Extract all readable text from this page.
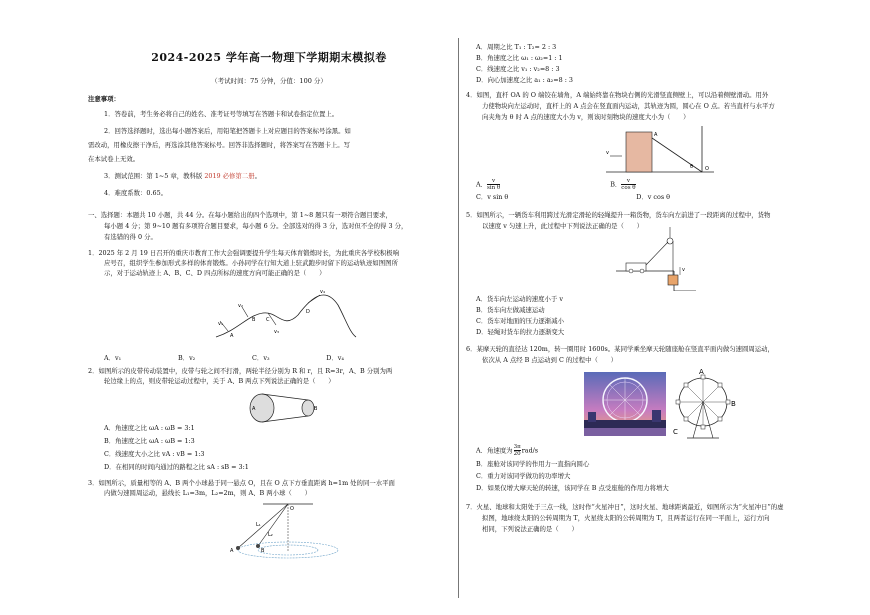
2024-2025 学年高一物理下学期期末模拟卷
（考试时间：75 分钟，分值：100 分）
注意事项：
1．答卷前，考生务必将自己的姓名、准考证号等填写在答题卡和试卷指定位置上。
2．回答选择题时，选出每小题答案后，用铅笔把答题卡上对应题目的答案标号涂黑。如
需改动，用橡皮擦干净后，再选涂其他答案标号。回答非选择题时，将答案写在答题卡上。写
在本试卷上无效。
3．测试范围：第 1~5 章，教科版 2019 必修第二册。
4．难度系数：0.65。
一、选择题：本题共 10 小题，共 44 分。在每小题给出的四个选项中，第 1~8 题只有一项符合题目要求，
每小题 4 分；第 9~10 题有多项符合题目要求，每小题 6 分。全部选对的得 3 分，选对但不全的得 3 分，
有选错的得 0 分。
1．2025 年 2 月 19 日召开的重庆市教育工作大会强调要提升学生每天体育锻炼时长，为此重庆各学校积极响
应号召，组织学生参加形式多样的体育锻炼。小孙同学在行知大道上驻武跑步时留下的运动轨迹如图图所
示，对于运动轨迹上 A、B、C、D 四点所标的速度方向可能正确的是（　　）
v₁
v₂
v₃
v₄
A
B C
D
A．v₁	B．v₂	C．v₃	D．v₄
2．如图所示的皮带传动装置中，皮带与轮之间不打滑，两轮半径分别为 R 和 r，且 R=3r，A、B 分别为两
轮边缘上的点，则皮带轮运动过程中，关于 A、B 两点下列说法正确的是（　　）
A	B
A．角速度之比 ωA : ωB = 3:1
B．角速度之比 ωA : ωB = 1:3
C．线速度大小之比 vA : vB = 1:3
D．在相同的时间内通过的路程之比 sA : sB = 3:1
3．如图所示，质量相等的 A、B 两个小球悬于同一悬点 O，且在 O 点下方垂直距离 h=1m 处的同一水平面
内做匀速圆周运动，悬线长 L₁=3m，L₂=2m，则 A、B 两小球（　　）
O
L₁
L₂
A	B
A．周期之比 T₁ : T₂= 2 : 3
B．角速度之比 ω₁ : ω₂=1 : 1
C．线速度之比 v₁ : v₂=8 : 3
D．向心加速度之比 a₁ : a₂=8 : 3
4．如图，直杆 OA 的 O 端铰在墙角，A 端始终靠在物块右侧的光滑竖直侧壁上，可以沿着侧壁滑动。用外
力使物块向左运动时，直杆上的 A 点会在竖直面内运动，其轨迹为圆，圆心在 O 点。若当直杆与水平方
向夹角为 θ 时 A 点的速度大小为 v，则该时刻物块的速度大小为（　　）
v
A
θ O
A． $\frac{v}{\text{sin θ}}$	B． $\frac{v}{\text{cos θ}}$
C．v sin θ	D．v cos θ
5．如图所示，一辆货车利用跨过光滑定滑轮的轻绳提升一箱货物，货车向左前进了一段距离的过程中，货物
以速度 v 匀速上升，此过程中下列说法正确的是（　　）
v
A．货车向左运动的速度小于 v
B．货车向左做减速运动
C．货车对地面的压力逐渐减小
D．轻绳对货车的拉力逐渐变大
6．某摩天轮的直径达 120m，转一圈用时 1600s。某同学乘坐摩天轮随座舱在竖直平面内做匀速圆周运动，
依次从 A 点经 B 点运动到 C 的过程中（　　）
A
B
C
A．角速度为 $\frac{3\pi}{20} rad/s$
B．座舱对该同学的作用力一直指向圆心
C．重力对该同学做功的功率增大
D．如果仅增大摩天轮的转速，该同学在 B 点受座舱的作用力将增大
7．火星、地球和太阳处于三点一线，这时作“火星冲日”，这时火星、地球距离最近，如图所示为“火星冲日”的虚
拟图，地球绕太阳的公转周期为 T，火星绕太阳的公转周期为 T，且两者运行在同一平面上，运行方向
相同，下列说法正确的是（　　）
